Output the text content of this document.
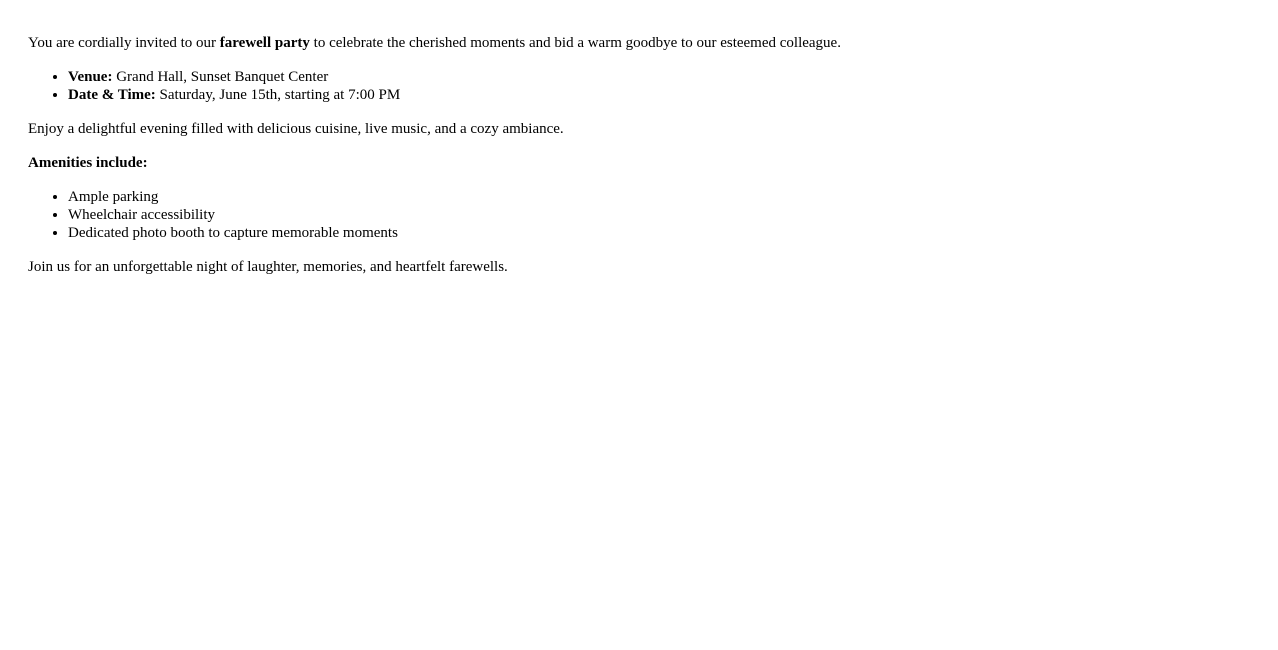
You are cordially invited to our farewell party to celebrate the cherished moments and bid a warm goodbye to our esteemed colleague.

• Venue: Grand Hall, Sunset Banquet Center
• Date & Time: Saturday, June 15th, starting at 7:00 PM

Enjoy a delightful evening filled with delicious cuisine, live music, and a cozy ambiance.

Amenities include:

• Ample parking
• Wheelchair accessibility
• Dedicated photo booth to capture memorable moments

Join us for an unforgettable night of laughter, memories, and heartfelt farewells.
